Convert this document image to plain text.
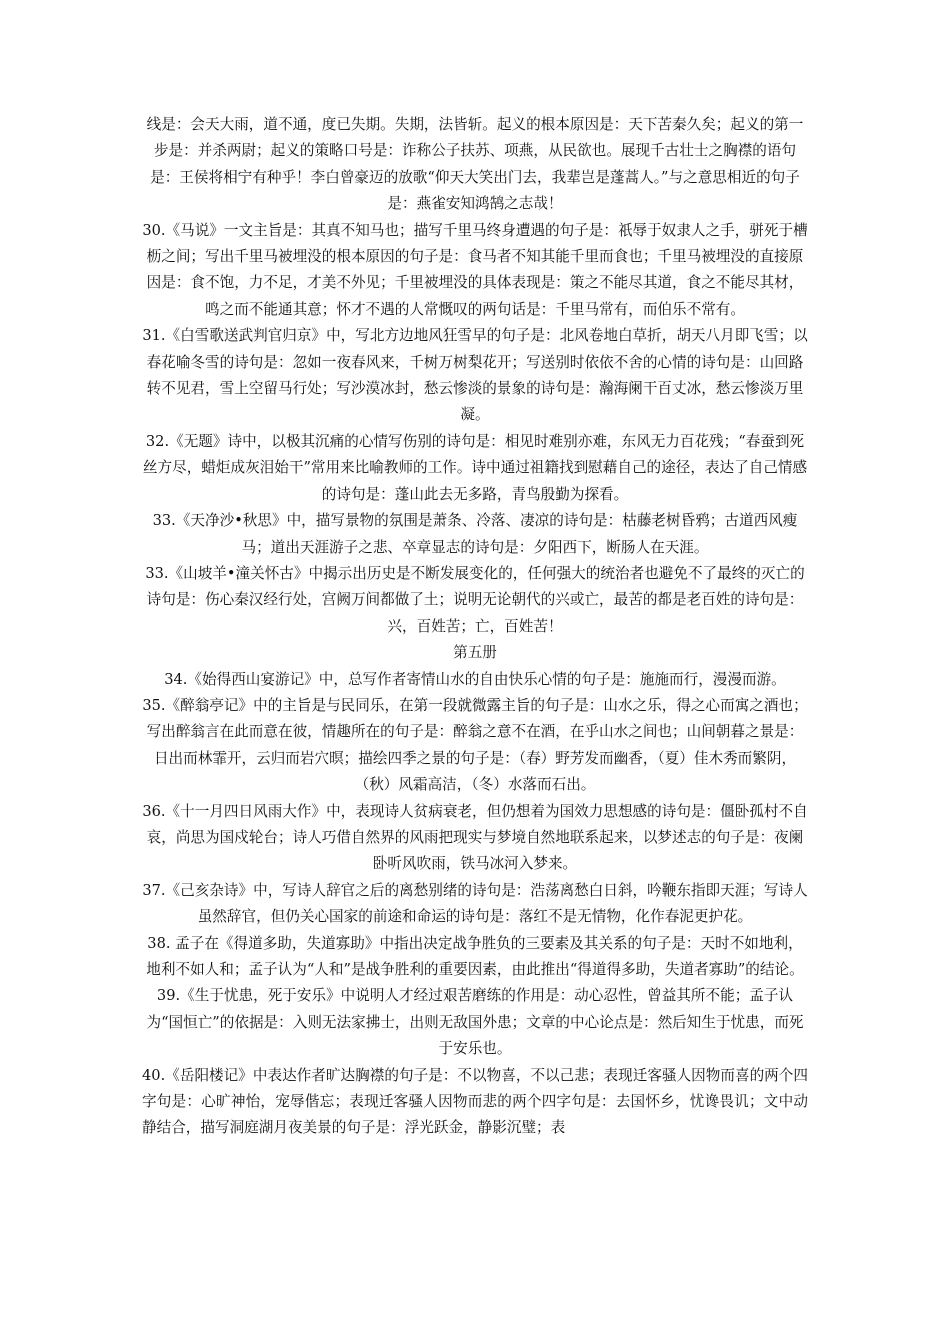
线是：会天大雨，道不通，度已失期。失期，法皆斩。起义的根本原因是：天下苦秦久矣；起义的第一步是：并杀两尉；起义的策略口号是：诈称公子扶苏、项燕，从民欲也。展现千古壮士之胸襟的语句是：王侯将相宁有种乎！李白曾豪迈的放歌“仰天大笑出门去，我辈岂是蓬蒿人。”与之意思相近的句子是：燕雀安知鸿鹄之志哉！

30.《马说》一文主旨是：其真不知马也；描写千里马终身遭遇的句子是：祇辱于奴隶人之手，骈死于槽枥之间；写出千里马被埋没的根本原因的句子是：食马者不知其能千里而食也；千里马被埋没的直接原因是：食不饱，力不足，才美不外见；千里被埋没的具体表现是：策之不能尽其道，食之不能尽其材，鸣之而不能通其意；怀才不遇的人常慨叹的两句话是：千里马常有，而伯乐不常有。

31.《白雪歌送武判官归京》中，写北方边地风狂雪早的句子是：北风卷地白草折，胡天八月即飞雪；以春花喻冬雪的诗句是：忽如一夜春风来，千树万树梨花开；写送别时依依不舍的心情的诗句是：山回路转不见君，雪上空留马行处；写沙漠冰封，愁云惨淡的景象的诗句是：瀚海阑干百丈冰，愁云惨淡万里凝。

32.《无题》诗中，以极其沉痛的心情写伤别的诗句是：相见时难别亦难，东风无力百花残；“春蚕到死丝方尽，蜡炬成灰泪始干”常用来比喻教师的工作。诗中通过祖籍找到慰藉自己的途径，表达了自己情感的诗句是：蓬山此去无多路，青鸟殷勤为探看。

33.《天净沙•秋思》中，描写景物的氛围是萧条、冷落、凄凉的诗句是：枯藤老树昏鸦；古道西风瘦马；道出天涯游子之悲、卒章显志的诗句是：夕阳西下，断肠人在天涯。

33.《山坡羊•潼关怀古》中揭示出历史是不断发展变化的，任何强大的统治者也避免不了最终的灭亡的诗句是：伤心秦汉经行处，宫阙万间都做了土；说明无论朝代的兴或亡，最苦的都是老百姓的诗句是：兴，百姓苦；亡，百姓苦！

第五册

34.《始得西山宴游记》中，总写作者寄情山水的自由快乐心情的句子是：施施而行，漫漫而游。

35.《醉翁亭记》中的主旨是与民同乐，在第一段就微露主旨的句子是：山水之乐，得之心而寓之酒也；写出醉翁言在此而意在彼，情趣所在的句子是：醉翁之意不在酒，在乎山水之间也；山间朝暮之景是：日出而林霏开，云归而岩穴暝；描绘四季之景的句子是：（春）野芳发而幽香，（夏）佳木秀而繁阴，（秋）风霜高洁，（冬）水落而石出。

36.《十一月四日风雨大作》中，表现诗人贫病衰老，但仍想着为国效力思想感的诗句是：僵卧孤村不自哀，尚思为国戍轮台；诗人巧借自然界的风雨把现实与梦境自然地联系起来，以梦述志的句子是：夜阑卧听风吹雨，铁马冰河入梦来。

37.《己亥杂诗》中，写诗人辞官之后的离愁别绪的诗句是：浩荡离愁白日斜，吟鞭东指即天涯；写诗人虽然辞官，但仍关心国家的前途和命运的诗句是：落红不是无情物，化作春泥更护花。

38. 孟子在《得道多助，失道寡助》中指出决定战争胜负的三要素及其关系的句子是：天时不如地利，地利不如人和；孟子认为“人和”是战争胜利的重要因素，由此推出“得道得多助，失道者寡助”的结论。

39.《生于忧患，死于安乐》中说明人才经过艰苦磨练的作用是：动心忍性，曾益其所不能；孟子认为“国恒亡”的依据是：入则无法家拂士，出则无敌国外患；文章的中心论点是：然后知生于忧患，而死于安乐也。

40.《岳阳楼记》中表达作者旷达胸襟的句子是：不以物喜，不以己悲；表现迁客骚人因物而喜的两个四字句是：心旷神怡，宠辱偕忘；表现迁客骚人因物而悲的两个四字句是：去国怀乡，忧谗畏讥；文中动静结合，描写洞庭湖月夜美景的句子是：浮光跃金，静影沉璧；表
